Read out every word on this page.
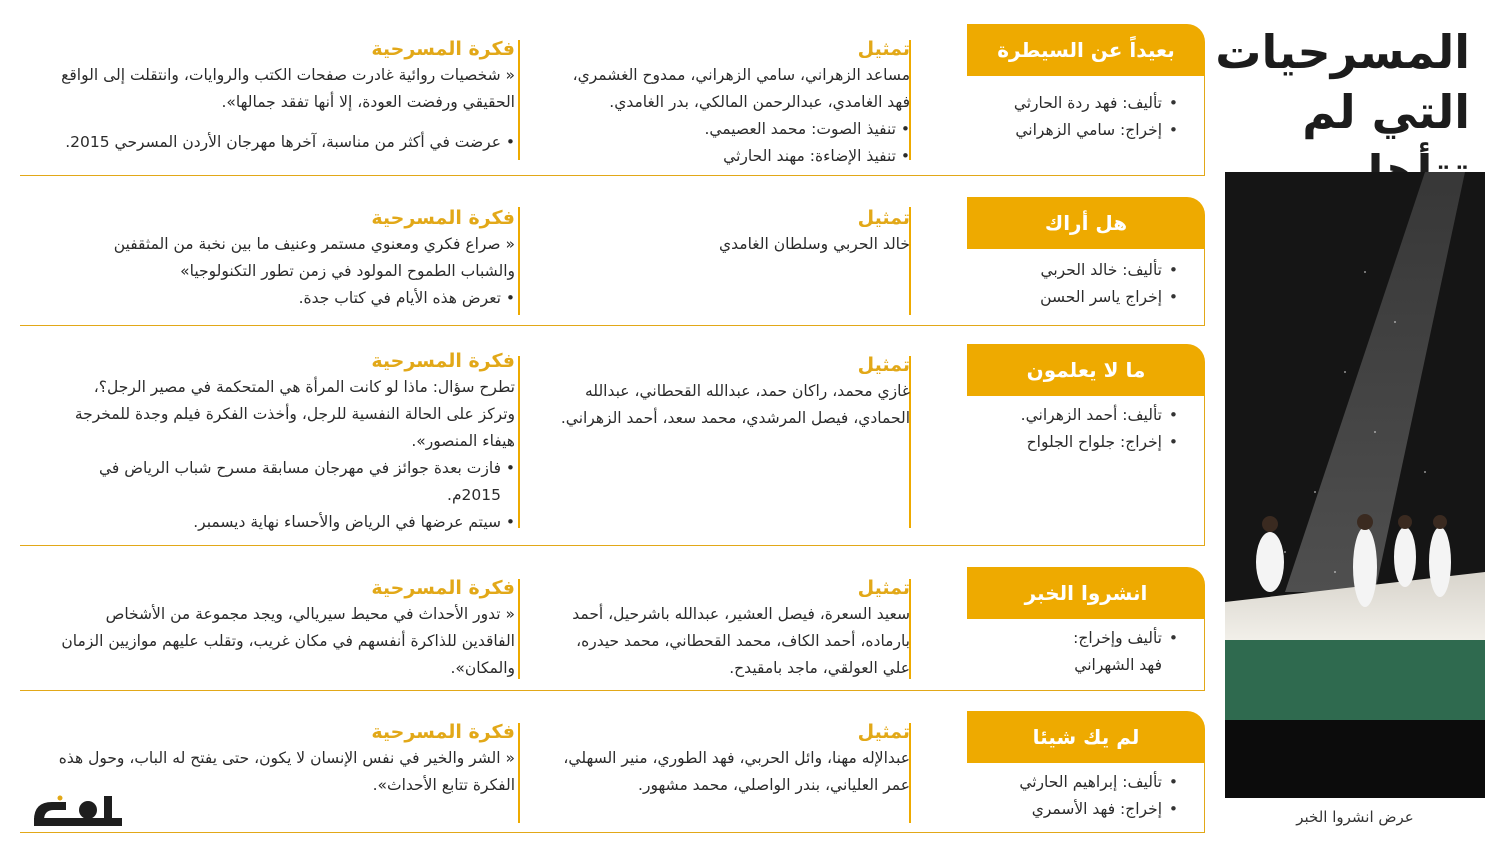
المسرحيات
التي لم
عرض انشروا الخبر
بعيداً عن السيطرة
• تأليف: فهد ردة الحارثي
• إخراج: سامي الزهراني
تمثيل
مساعد الزهراني، سامي الزهراني، ممدوح الغشمري، فهد الغامدي، عبدالرحمن المالكي، بدر الغامدي.
• تنفيذ الصوت: محمد العصيمي.
• تنفيذ الإضاءة: مهند الحارثي
فكرة المسرحية
« شخصيات روائية غادرت صفحات الكتب والروايات، وانتقلت إلى الواقع الحقيقي ورفضت العودة، إلا أنها تفقد جمالها».
• عرضت في أكثر من مناسبة، آخرها مهرجان الأردن المسرحي 2015.
هل أراك
• تأليف: خالد الحربي
• إخراج ياسر الحسن
تمثيل
خالد الحربي وسلطان الغامدي
فكرة المسرحية
« صراع فكري ومعنوي مستمر وعنيف ما بين نخبة من المثقفين والشباب الطموح المولود في زمن تطور التكنولوجيا»
• تعرض هذه الأيام في كتاب جدة.
ما لا يعلمون
• تأليف: أحمد الزهراني.
• إخراج: جلواح الجلواح
تمثيل
غازي محمد، راكان حمد، عبدالله القحطاني، عبدالله الحمادي، فيصل المرشدي، محمد سعد، أحمد الزهراني.
فكرة المسرحية
تطرح سؤال: ماذا لو كانت المرأة هي المتحكمة في مصير الرجل؟، وتركز على الحالة النفسية للرجل، وأخذت الفكرة فيلم وجدة للمخرجة هيفاء المنصور».
• فازت بعدة جوائز في مهرجان مسابقة مسرح شباب الرياض في 2015م.
• سيتم عرضها في الرياض والأحساء نهاية ديسمبر.
انشروا الخبر
• تأليف وإخراج: فهد الشهراني
تمثيل
سعيد السعرة، فيصل العشير، عبدالله باشرحيل، أحمد بارماده، أحمد الكاف، محمد القحطاني، محمد حيدره، علي العولقي، ماجد بامقيدح.
فكرة المسرحية
« تدور الأحداث في محيط سيريالي، ويجد مجموعة من الأشخاص الفاقدين للذاكرة أنفسهم في مكان غريب، وتقلب عليهم موازيين الزمان والمكان».
لم يك شيئا
• تأليف: إبراهيم الحارثي
• إخراج: فهد الأسمري
تمثيل
عبدالإله مهنا، وائل الحربي، فهد الطوري، منير السهلي، عمر العلياني، بندر الواصلي، محمد مشهور.
فكرة المسرحية
« الشر والخير في نفس الإنسان لا يكون، حتى يفتح له الباب، وحول هذه الفكرة تتابع الأحداث».
